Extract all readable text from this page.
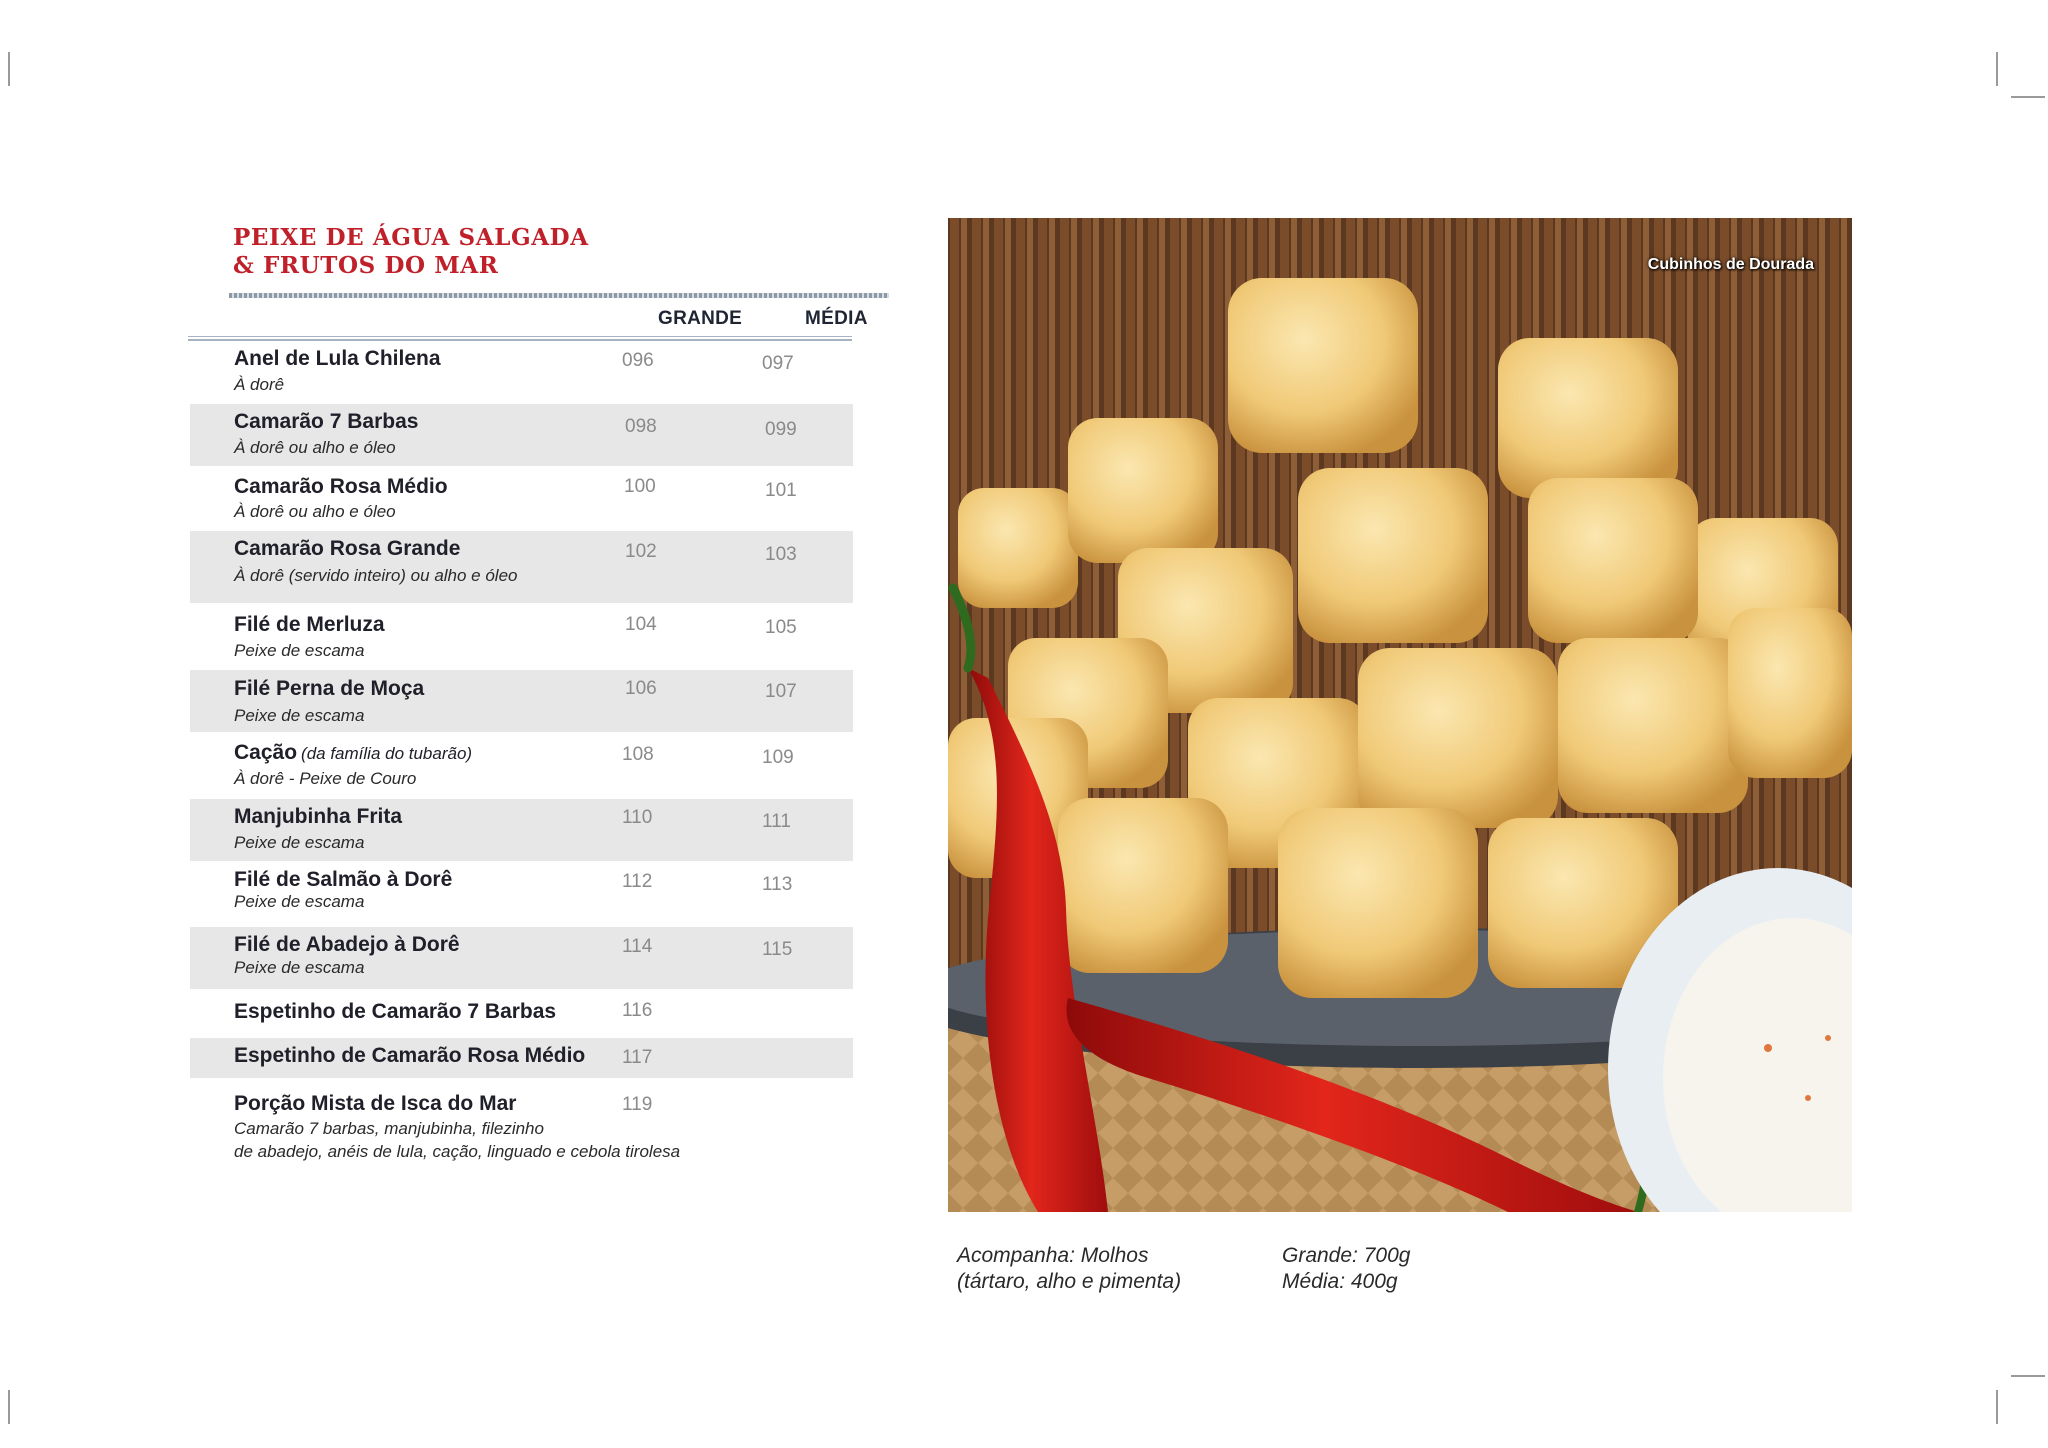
PEIXE DE ÁGUA SALGADA
& FRUTOS DO MAR
GRANDE	MÉDIA
Anel de Lula Chilena
À dorê
096	097
Camarão 7 Barbas
À dorê ou alho e óleo
098	099
Camarão Rosa Médio
À dorê ou alho e óleo
100	101
Camarão Rosa Grande
À dorê (servido inteiro) ou alho e óleo
102	103
Filé de Merluza
Peixe de escama
104	105
Filé Perna de Moça
Peixe de escama
106	107
Cação (da família do tubarão)
À dorê - Peixe de Couro
108	109
Manjubinha Frita
Peixe de escama
110	111
Filé de Salmão à Dorê
Peixe de escama
112	113
Filé de Abadejo à Dorê
Peixe de escama
114	115
Espetinho de Camarão 7 Barbas	116
Espetinho de Camarão Rosa Médio 117
Porção Mista de Isca do Mar
Camarão 7 barbas, manjubinha, filezinho
de abadejo, anéis de lula, cação, linguado e cebola tirolesa
119
Cubinhos de Dourada
Acompanha: Molhos
(tártaro, alho e pimenta)
Grande: 700g
Média: 400g
